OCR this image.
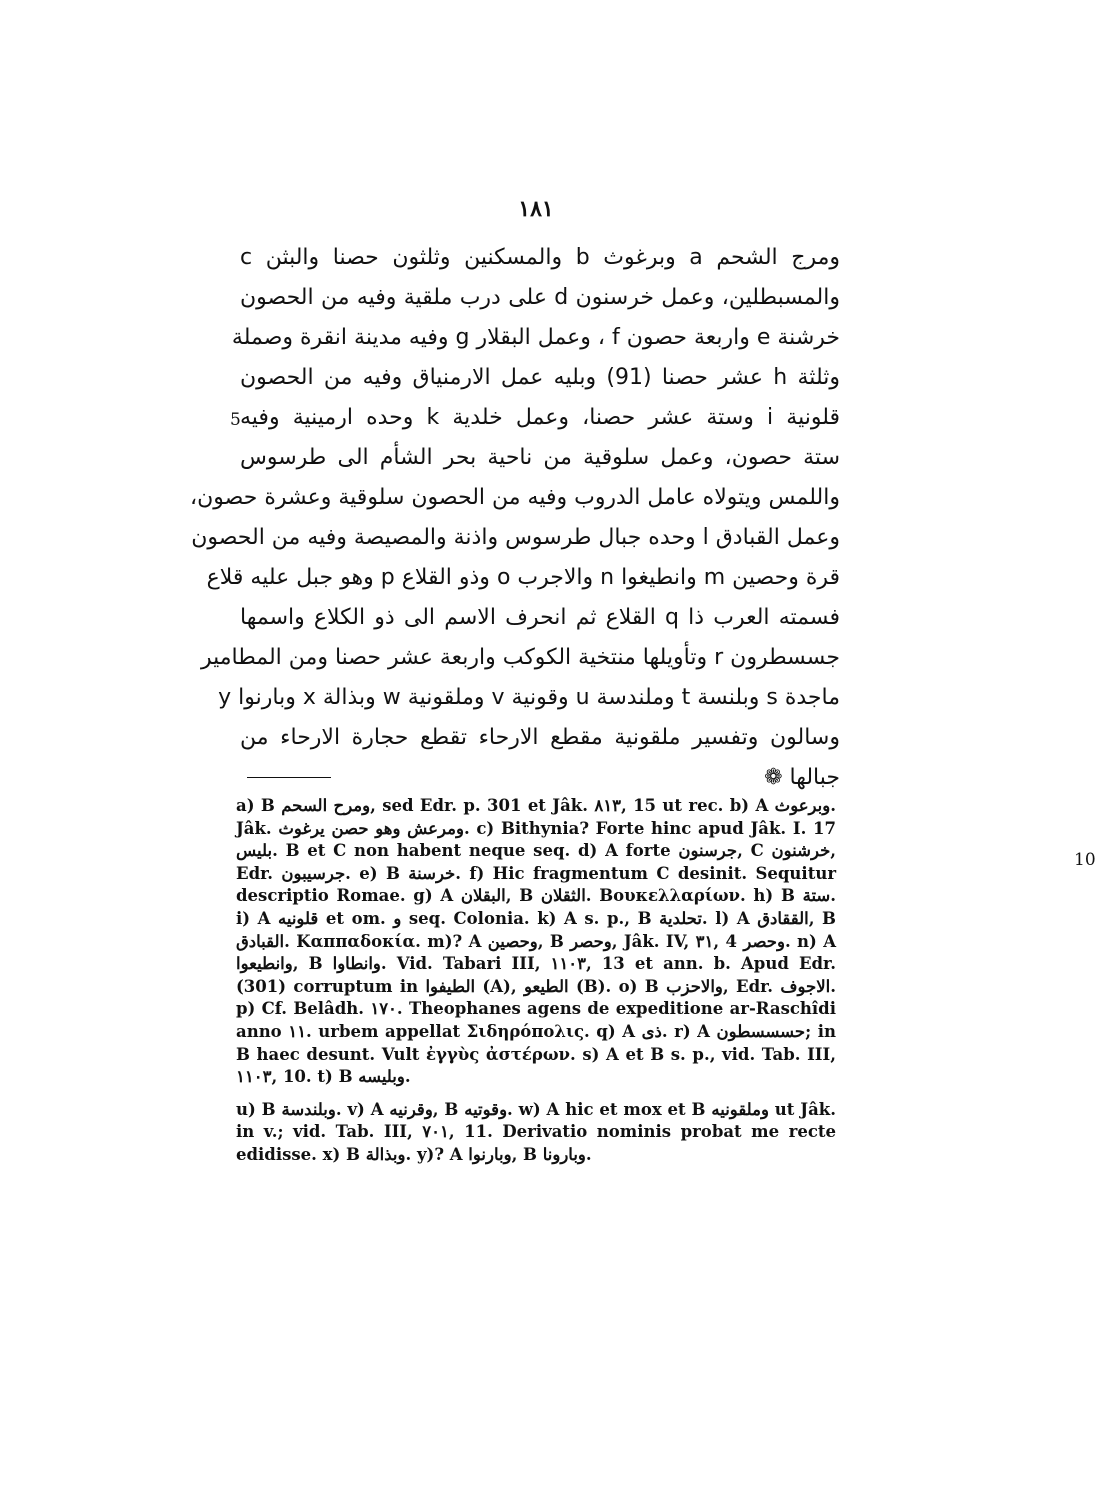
١٨١
5
10
ومرج الشحم a وبرغوث b والمسكنين وثلثون حصنا والبثن c
والمسبطلين، وعمل خرسنون d على درب ملقية وفيه من الحصون
خرشنة e واربعة حصون f ، وعمل البقلار g وفيه مدينة انقرة وصملة
وثلثة h عشر حصنا (91) وبليه عمل الارمنياق وفيه من الحصون
قلونية i وستة عشر حصنا، وعمل خلدية k وحده ارمينية وفيه
ستة حصون، وعمل سلوقية من ناحية بحر الشأم الى طرسوس
واللمس ويتولاه عامل الدروب وفيه من الحصون سلوقية وعشرة حصون،
وعمل القبادق l وحده جبال طرسوس واذنة والمصيصة وفيه من الحصون
قرة وحصين m وانطيغوا n والاجرب o وذو القلاع p وهو جبل عليه قلاع
فسمته العرب ذا q القلاع ثم انحرف الاسم الى ذو الكلاع واسمها
جسسطرون r وتأويلها منتخية الكوكب واربعة عشر حصنا ومن المطامير
ماجدة s وبلنسة t وملندسة u وقونية v وملقونية w وبذالة x وبارنوا y
وسالون وتفسير ملقونية مقطع الارحاء تقطع حجارة الارحاء من
جبالها ❁

a) B ومرح السحم, sed Edr. p. 301 et Jâk. ٨١٣, 15 ut rec. b) A وبرعوث. Jâk. ومرعش وهو حصن يرغوث. c) Bithynia? Forte hinc apud Jâk. I. 17 بليس. B et C non habent neque seq. d) A forte جرسنون, C خرشنون, Edr. جرسيبون. e) B خرسنة. f) Hic fragmentum C desinit. Sequitur descriptio Romae. g) A البقلان, B الثقلان. Βουκελλαρίων. h) B ستة. i) A قلونيه et om. و seq. Colonia. k) A s. p., B تحلدية. l) A الققادق, B القبادق. Καππαδοκία. m)? A وحصين, B وحصر, Jâk. IV, ٣١, 4 وحصر. n) A وانطيعوا, B وانطاوا. Vid. Tabari III, ١١٠٣, 13 et ann. b. Apud Edr. (301) corruptum in الطيفوا (A), الطيعو (B). o) B والاحزب, Edr. الاجوف. p) Cf. Belâdh. ١٧٠. Theophanes agens de expeditione ar-Raschîdi anno ١١. urbem appellat Σιδηρόπολις. q) A ذى. r) A حسسسطون; in B haec desunt. Vult ἐγγὺς ἀστέρων. s) A et B s. p., vid. Tab. III, ١١٠٣, 10. t) B وبليسه.

u) B وبلندسة. v) A وقرنيه, B وقوتيه. w) A hic et mox et B وملقونيه ut Jâk. in v.; vid. Tab. III, ٧٠١, 11. Derivatio nominis probat me recte edidisse. x) B وبذالة. y)? A وبارنوا, B وبارونا.
